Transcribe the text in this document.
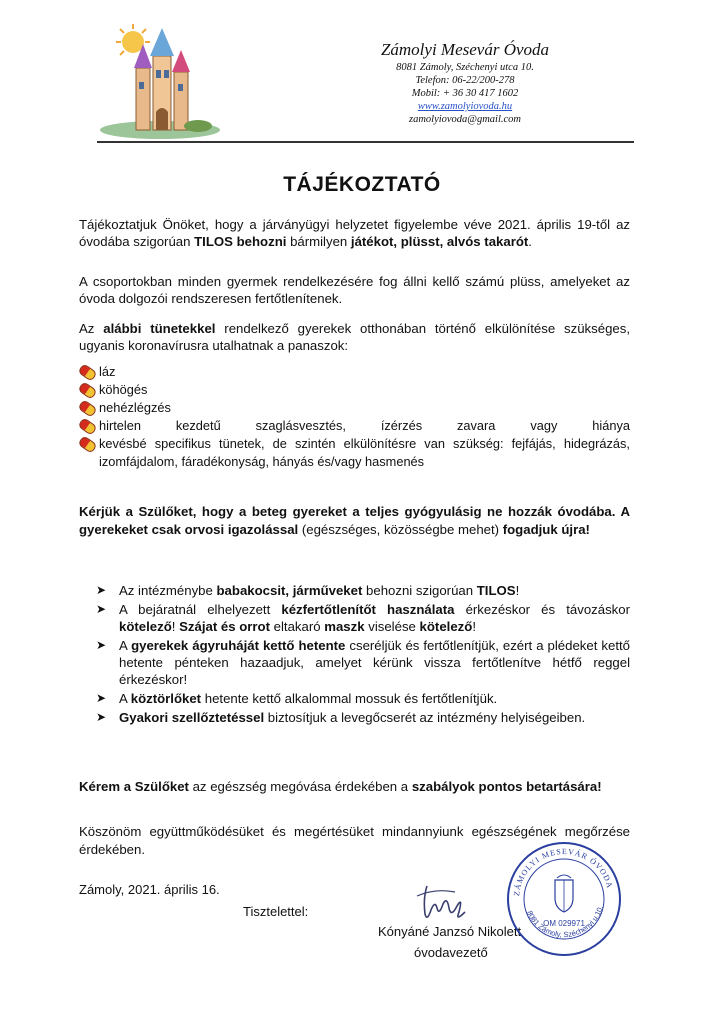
Zámolyi Mesevár Óvoda
8081 Zámoly, Széchenyi utca 10.
Telefon: 06-22/200-278
Mobil: + 36 30 417 1602
www.zamolyiovoda.hu
zamolyiovoda@gmail.com
TÁJÉKOZTATÓ

Tájékoztatjuk Önöket, hogy a járványügyi helyzetet figyelembe véve 2021. április 19-től az óvodába szigorúan TILOS behozni bármilyen játékot, plüsst, alvós takarót.

A csoportokban minden gyermek rendelkezésére fog állni kellő számú plüss, amelyeket az óvoda dolgozói rendszeresen fertőtlenítenek.

Az alábbi tünetekkel rendelkező gyerekek otthonában történő elkülönítése szükséges, ugyanis koronavírusra utalhatnak a panaszok:

láz
köhögés
nehézlégzés
hirtelen kezdetű szaglásvesztés, ízérzés zavara vagy hiánya
kevésbé specifikus tünetek, de szintén elkülönítésre van szükség: fejfájás, hidegrázás, izomfájdalom, fáradékonyság, hányás és/vagy hasmenés

Kérjük a Szülőket, hogy a beteg gyereket a teljes gyógyulásig ne hozzák óvodába. A gyerekeket csak orvosi igazolással (egészséges, közösségbe mehet) fogadjuk újra!

➤ Az intézménybe babakocsit, járműveket behozni szigorúan TILOS!
➤ A bejáratnál elhelyezett kézfertőtlenítőt használata érkezéskor és távozáskor kötelező! Szájat és orrot eltakaró maszk viselése kötelező!
➤ A gyerekek ágyruháját kettő hetente cseréljük és fertőtlenítjük, ezért a plédeket kettő hetente pénteken hazaadjuk, amelyet kérünk vissza fertőtlenítve hétfő reggel érkezéskor!
➤ A köztörlőket hetente kettő alkalommal mossuk és fertőtlenítjük.
➤ Gyakori szellőztetéssel biztosítjuk a levegőcserét az intézmény helyiségeiben.

Kérem a Szülőket az egészség megóvása érdekében a szabályok pontos betartására!

Köszönöm együttműködésüket és megértésüket mindannyiunk egészségének megőrzése érdekében.

Zámoly, 2021. április 16.
Tisztelettel:
Kónyáné Janzsó Nikolett
óvodavezető
ZÁMOLYI MESEVÁR ÓVODA
8081 Zámoly, Széchenyi u.10.
OM 029971
